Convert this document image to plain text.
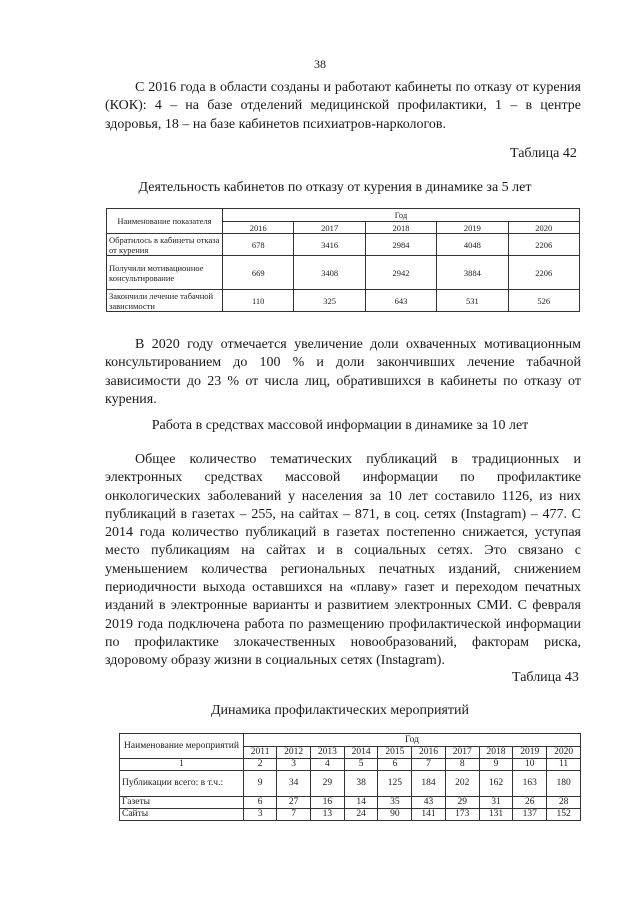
38

С 2016 года в области созданы и работают кабинеты по отказу от курения (КОК): 4 – на базе отделений медицинской профилактики, 1 – в центре здоровья, 18 – на базе кабинетов психиатров-наркологов.

Таблица 42
Деятельность кабинетов по отказу от курения в динамике за 5 лет
Наименование показателя	Год				
	2016	2017	2018	2019	2020
Обратилось в кабинеты отказа от курения	678	3416	2984	4048	2206
Получили мотивационное консультирование	669	3408	2942	3884	2206
Закончили лечение табачной зависимости	110	325	643	531	526

В 2020 году отмечается увеличение доли охваченных мотивационным консультированием до 100 % и доли закончивших лечение табачной зависимости до 23 % от числа лиц, обратившихся в кабинеты по отказу от курения.

Работа в средствах массовой информации в динамике за 10 лет

Общее количество тематических публикаций в традиционных и электронных средствах массовой информации по профилактике онкологических заболеваний у населения за 10 лет составило 1126, из них публикаций в газетах – 255, на сайтах – 871, в соц. сетях (Instagram) – 477. С 2014 года количество публикаций в газетах постепенно снижается, уступая место публикациям на сайтах и в социальных сетях. Это связано с уменьшением количества региональных печатных изданий, снижением периодичности выхода оставшихся на «плаву» газет и переходом печатных изданий в электронные варианты и развитием электронных СМИ. С февраля 2019 года подключена работа по размещению профилактической информации по профилактике злокачественных новообразований, факторам риска, здоровому образу жизни в социальных сетях (Instagram).

Таблица 43
Динамика профилактических мероприятий
Наименование мероприятий	Год									
	2011	2012	2013	2014	2015	2016	2017	2018	2019	2020
1	2	3	4	5	6	7	8	9	10	11
Публикации всего: в т.ч.:	9	34	29	38	125	184	202	162	163	180
Газеты	6	27	16	14	35	43	29	31	26	28
Сайты	3	7	13	24	90	141	173	131	137	152
